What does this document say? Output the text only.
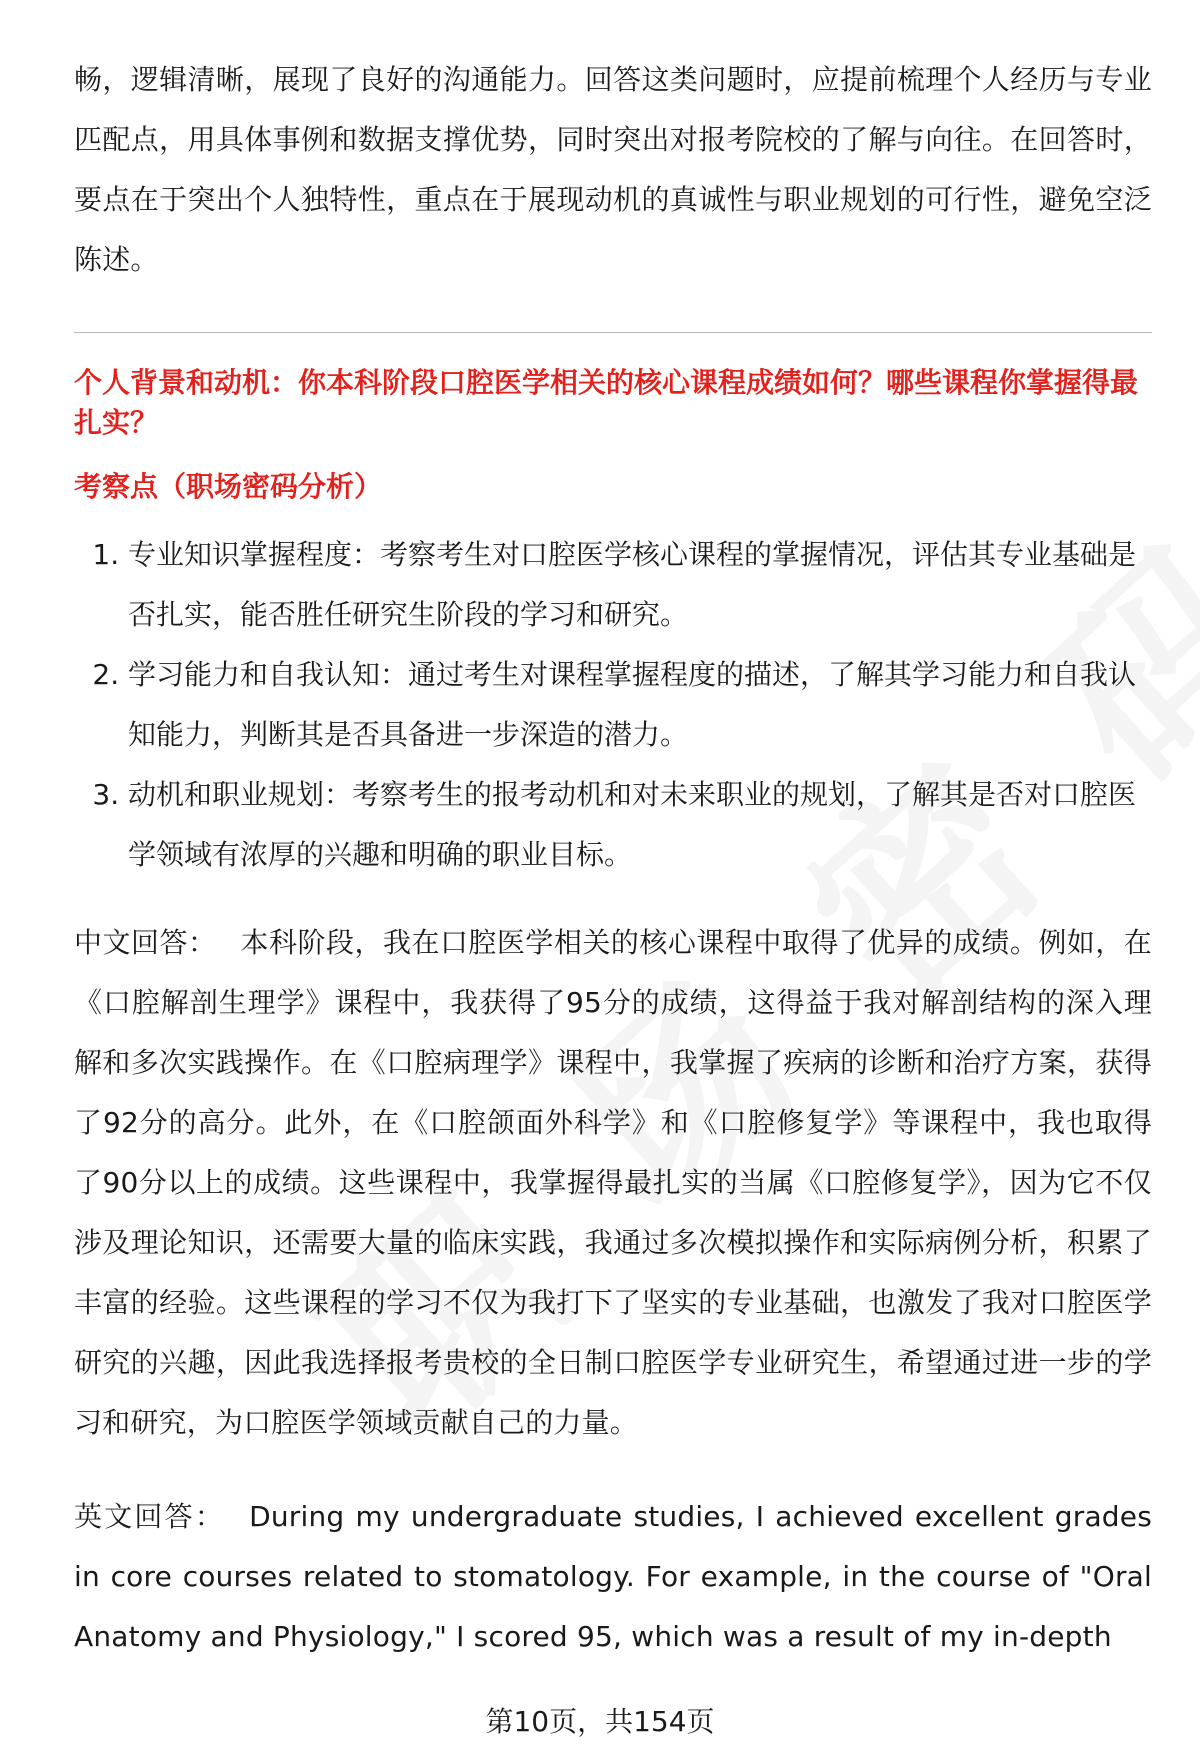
畅，逻辑清晰，展现了良好的沟通能力。回答这类问题时，应提前梳理个人经历与专业匹配点，用具体事例和数据支撑优势，同时突出对报考院校的了解与向往。在回答时，要点在于突出个人独特性，重点在于展现动机的真诚性与职业规划的可行性，避免空泛陈述。

个人背景和动机：你本科阶段口腔医学相关的核心课程成绩如何？哪些课程你掌握得最扎实？

考察点（职场密码分析）

1. 专业知识掌握程度：考察考生对口腔医学核心课程的掌握情况，评估其专业基础是否扎实，能否胜任研究生阶段的学习和研究。
2. 学习能力和自我认知：通过考生对课程掌握程度的描述，了解其学习能力和自我认知能力，判断其是否具备进一步深造的潜力。
3. 动机和职业规划：考察考生的报考动机和对未来职业的规划，了解其是否对口腔医学领域有浓厚的兴趣和明确的职业目标。

中文回答： 本科阶段，我在口腔医学相关的核心课程中取得了优异的成绩。例如，在《口腔解剖生理学》课程中，我获得了95分的成绩，这得益于我对解剖结构的深入理解和多次实践操作。在《口腔病理学》课程中，我掌握了疾病的诊断和治疗方案，获得了92分的高分。此外，在《口腔颌面外科学》和《口腔修复学》等课程中，我也取得了90分以上的成绩。这些课程中，我掌握得最扎实的当属《口腔修复学》，因为它不仅涉及理论知识，还需要大量的临床实践，我通过多次模拟操作和实际病例分析，积累了丰富的经验。这些课程的学习不仅为我打下了坚实的专业基础，也激发了我对口腔医学研究的兴趣，因此我选择报考贵校的全日制口腔医学专业研究生，希望通过进一步的学习和研究，为口腔医学领域贡献自己的力量。

英文回答： During my undergraduate studies, I achieved excellent grades in core courses related to stomatology. For example, in the course of "Oral Anatomy and Physiology," I scored 95, which was a result of my in-depth

第10页，共154页
